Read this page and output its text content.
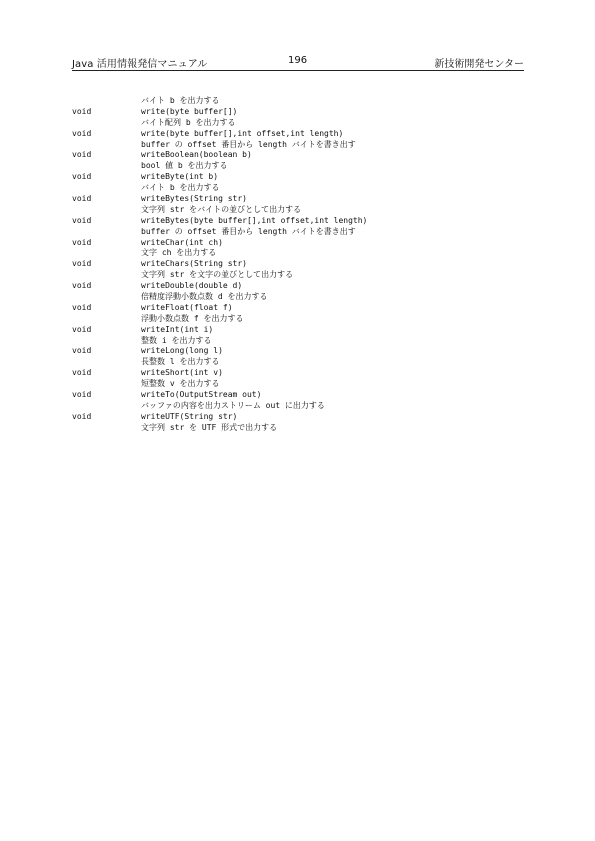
Java 活用情報発信マニュアル	196	新技術開発センター
バイト b を出力する
void	write(byte buffer[])
バイト配列 b を出力する
void	write(byte buffer[],int offset,int length)
buffer の offset 番目から length バイトを書き出す
void	writeBoolean(boolean b)
bool 値 b を出力する
void	writeByte(int b)
バイト b を出力する
void	writeBytes(String str)
文字列 str をバイトの並びとして出力する
void	writeBytes(byte buffer[],int offset,int length)
buffer の offset 番目から length バイトを書き出す
void	writeChar(int ch)
文字 ch を出力する
void	writeChars(String str)
文字列 str を文字の並びとして出力する
void	writeDouble(double d)
倍精度浮動小数点数 d を出力する
void	writeFloat(float f)
浮動小数点数 f を出力する
void	writeInt(int i)
整数 i を出力する
void	writeLong(long l)
長整数 l を出力する
void	writeShort(int v)
短整数 v を出力する
void	writeTo(OutputStream out)
バッファの内容を出力ストリーム out に出力する
void	writeUTF(String str)
文字列 str を UTF 形式で出力する
